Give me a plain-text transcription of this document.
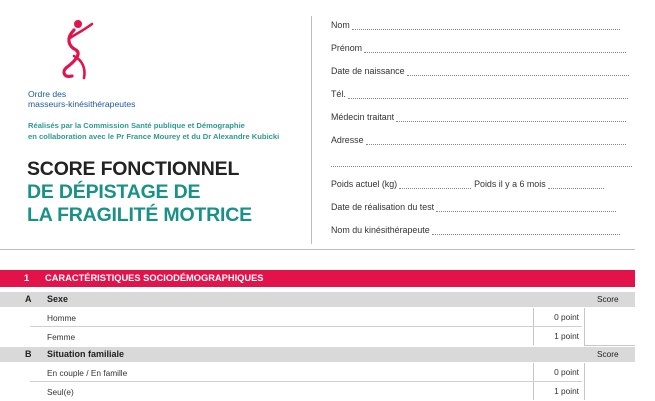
Ordre des
masseurs-kinésithérapeutes
Réalisés par la Commission Santé publique et Démographie
en collaboration avec le Pr France Mourey et du Dr Alexandre Kubicki
SCORE FONCTIONNEL
DE DÉPISTAGE DE
LA FRAGILITÉ MOTRICE
Nom
Prénom
Date de naissance
Tél.
Médecin traitant
Adresse
Poids actuel (kg)	Poids il y a 6 mois
Date de réalisation du test
Nom du kinésithérapeute
1 CARACTÉRISTIQUES SOCIODÉMOGRAPHIQUES
A Sexe	Score
Homme	0 point
Femme	1 point
B Situation familiale	Score
En couple / En famille	0 point
Seul(e)	1 point
